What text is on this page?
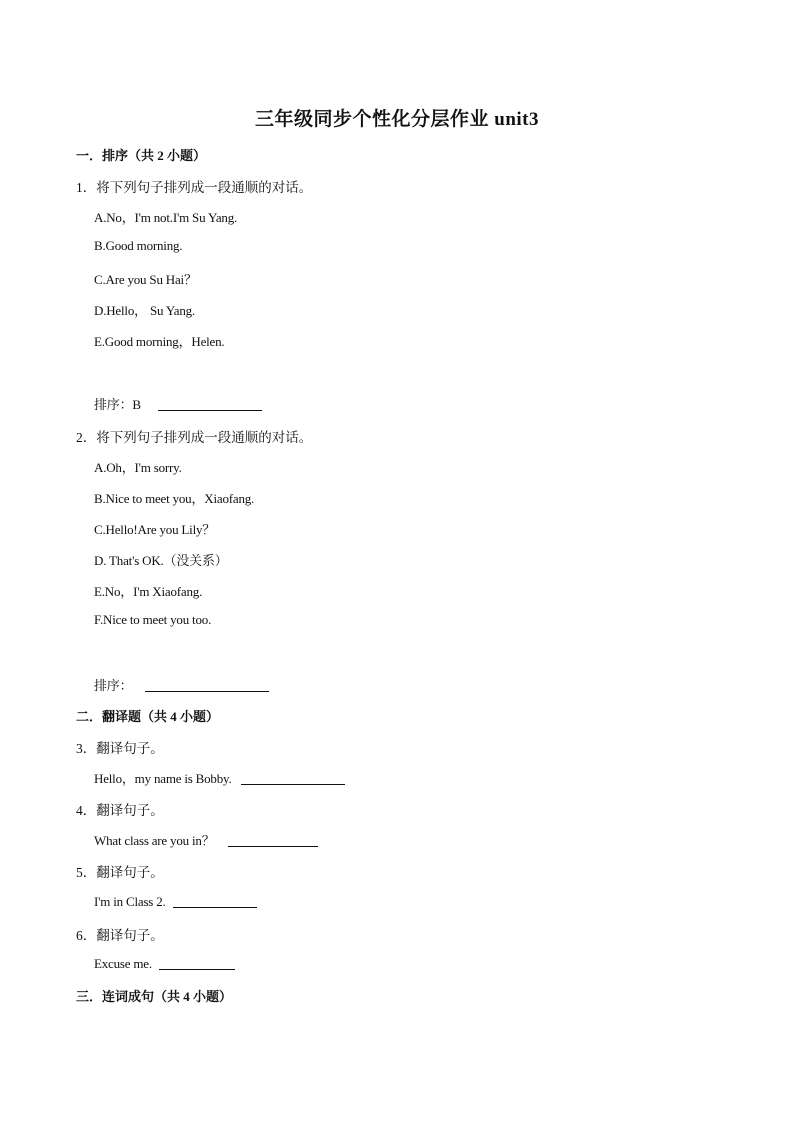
三年级同步个性化分层作业 unit3
一．排序（共 2 小题）
1．将下列句子排列成一段通顺的对话。
A.No，I'm not.I'm Su Yang.
B.Good morning.
C.Are you Su Hai？
D.Hello， Su Yang.
E.Good morning，Helen.
排序：B
2．将下列句子排列成一段通顺的对话。
A.Oh，I'm sorry.
B.Nice to meet you，Xiaofang.
C.Hello!Are you Lily？
D. That's OK.（没关系）
E.No，I'm Xiaofang.
F.Nice to meet you too.
排序：
二．翻译题（共 4 小题）
3．翻译句子。
Hello，my name is Bobby.
4．翻译句子。
What class are you in？
5．翻译句子。
I'm in Class 2.
6．翻译句子。
Excuse me.
三．连词成句（共 4 小题）
